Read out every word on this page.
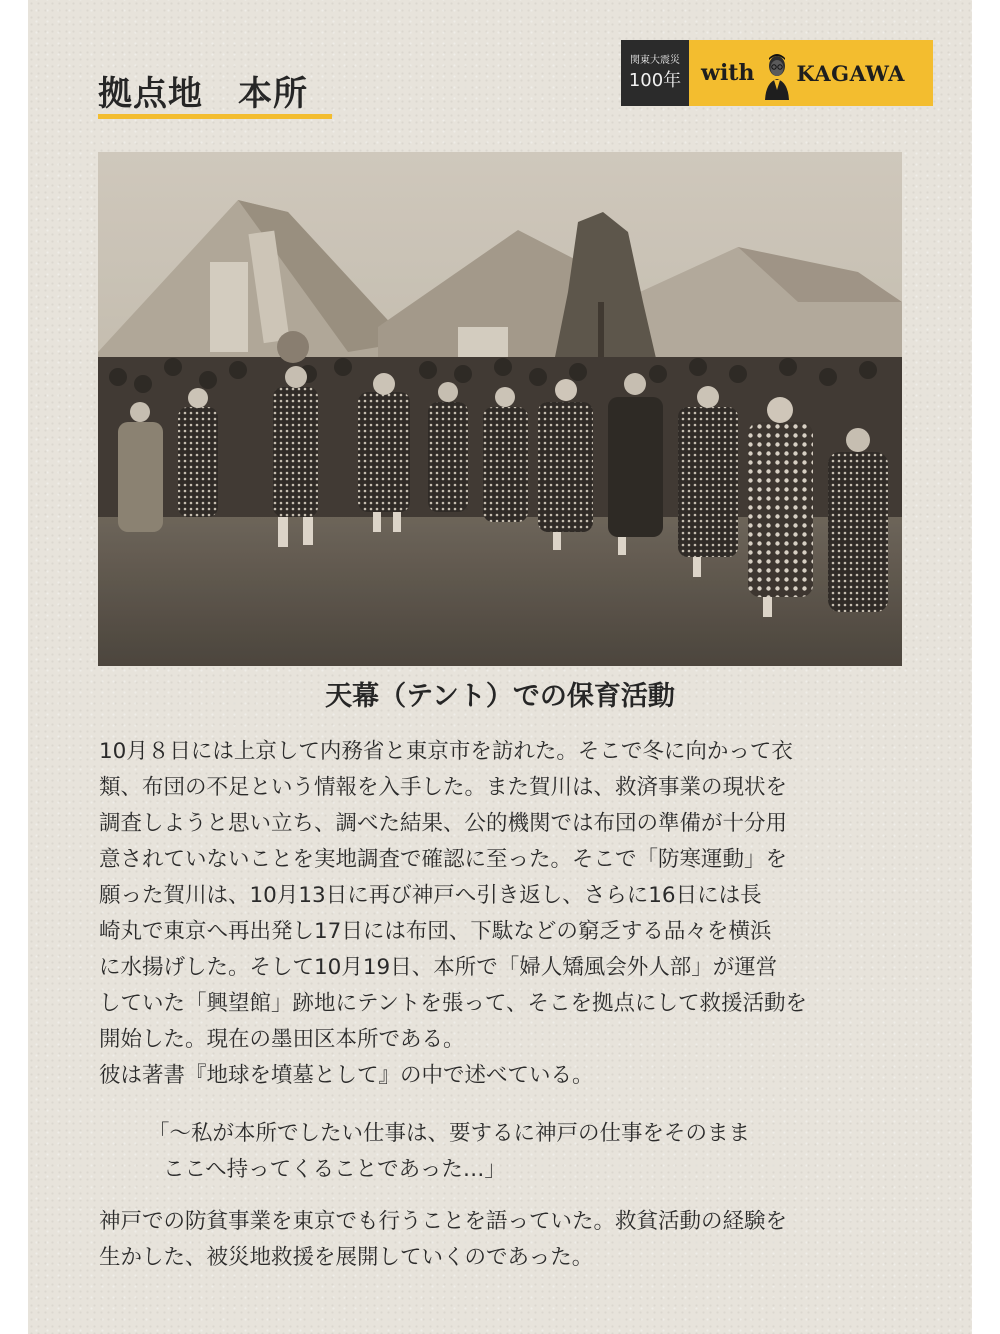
拠点地　本所
関東大震災
100年 with KAGAWA
天幕（テント）での保育活動
10月８日には上京して内務省と東京市を訪れた。そこで冬に向かって衣
類、布団の不足という情報を入手した。また賀川は、救済事業の現状を
調査しようと思い立ち、調べた結果、公的機関では布団の準備が十分用
意されていないことを実地調査で確認に至った。そこで「防寒運動」を
願った賀川は、10月13日に再び神戸へ引き返し、さらに16日には長
崎丸で東京へ再出発し17日には布団、下駄などの窮乏する品々を横浜
に水揚げした。そして10月19日、本所で「婦人矯風会外人部」が運営
していた「興望館」跡地にテントを張って、そこを拠点にして救援活動を
開始した。現在の墨田区本所である。
彼は著書『地球を墳墓として』の中で述べている。
「〜私が本所でしたい仕事は、要するに神戸の仕事をそのまま
ここへ持ってくることであった…」
神戸での防貧事業を東京でも行うことを語っていた。救貧活動の経験を
生かした、被災地救援を展開していくのであった。
